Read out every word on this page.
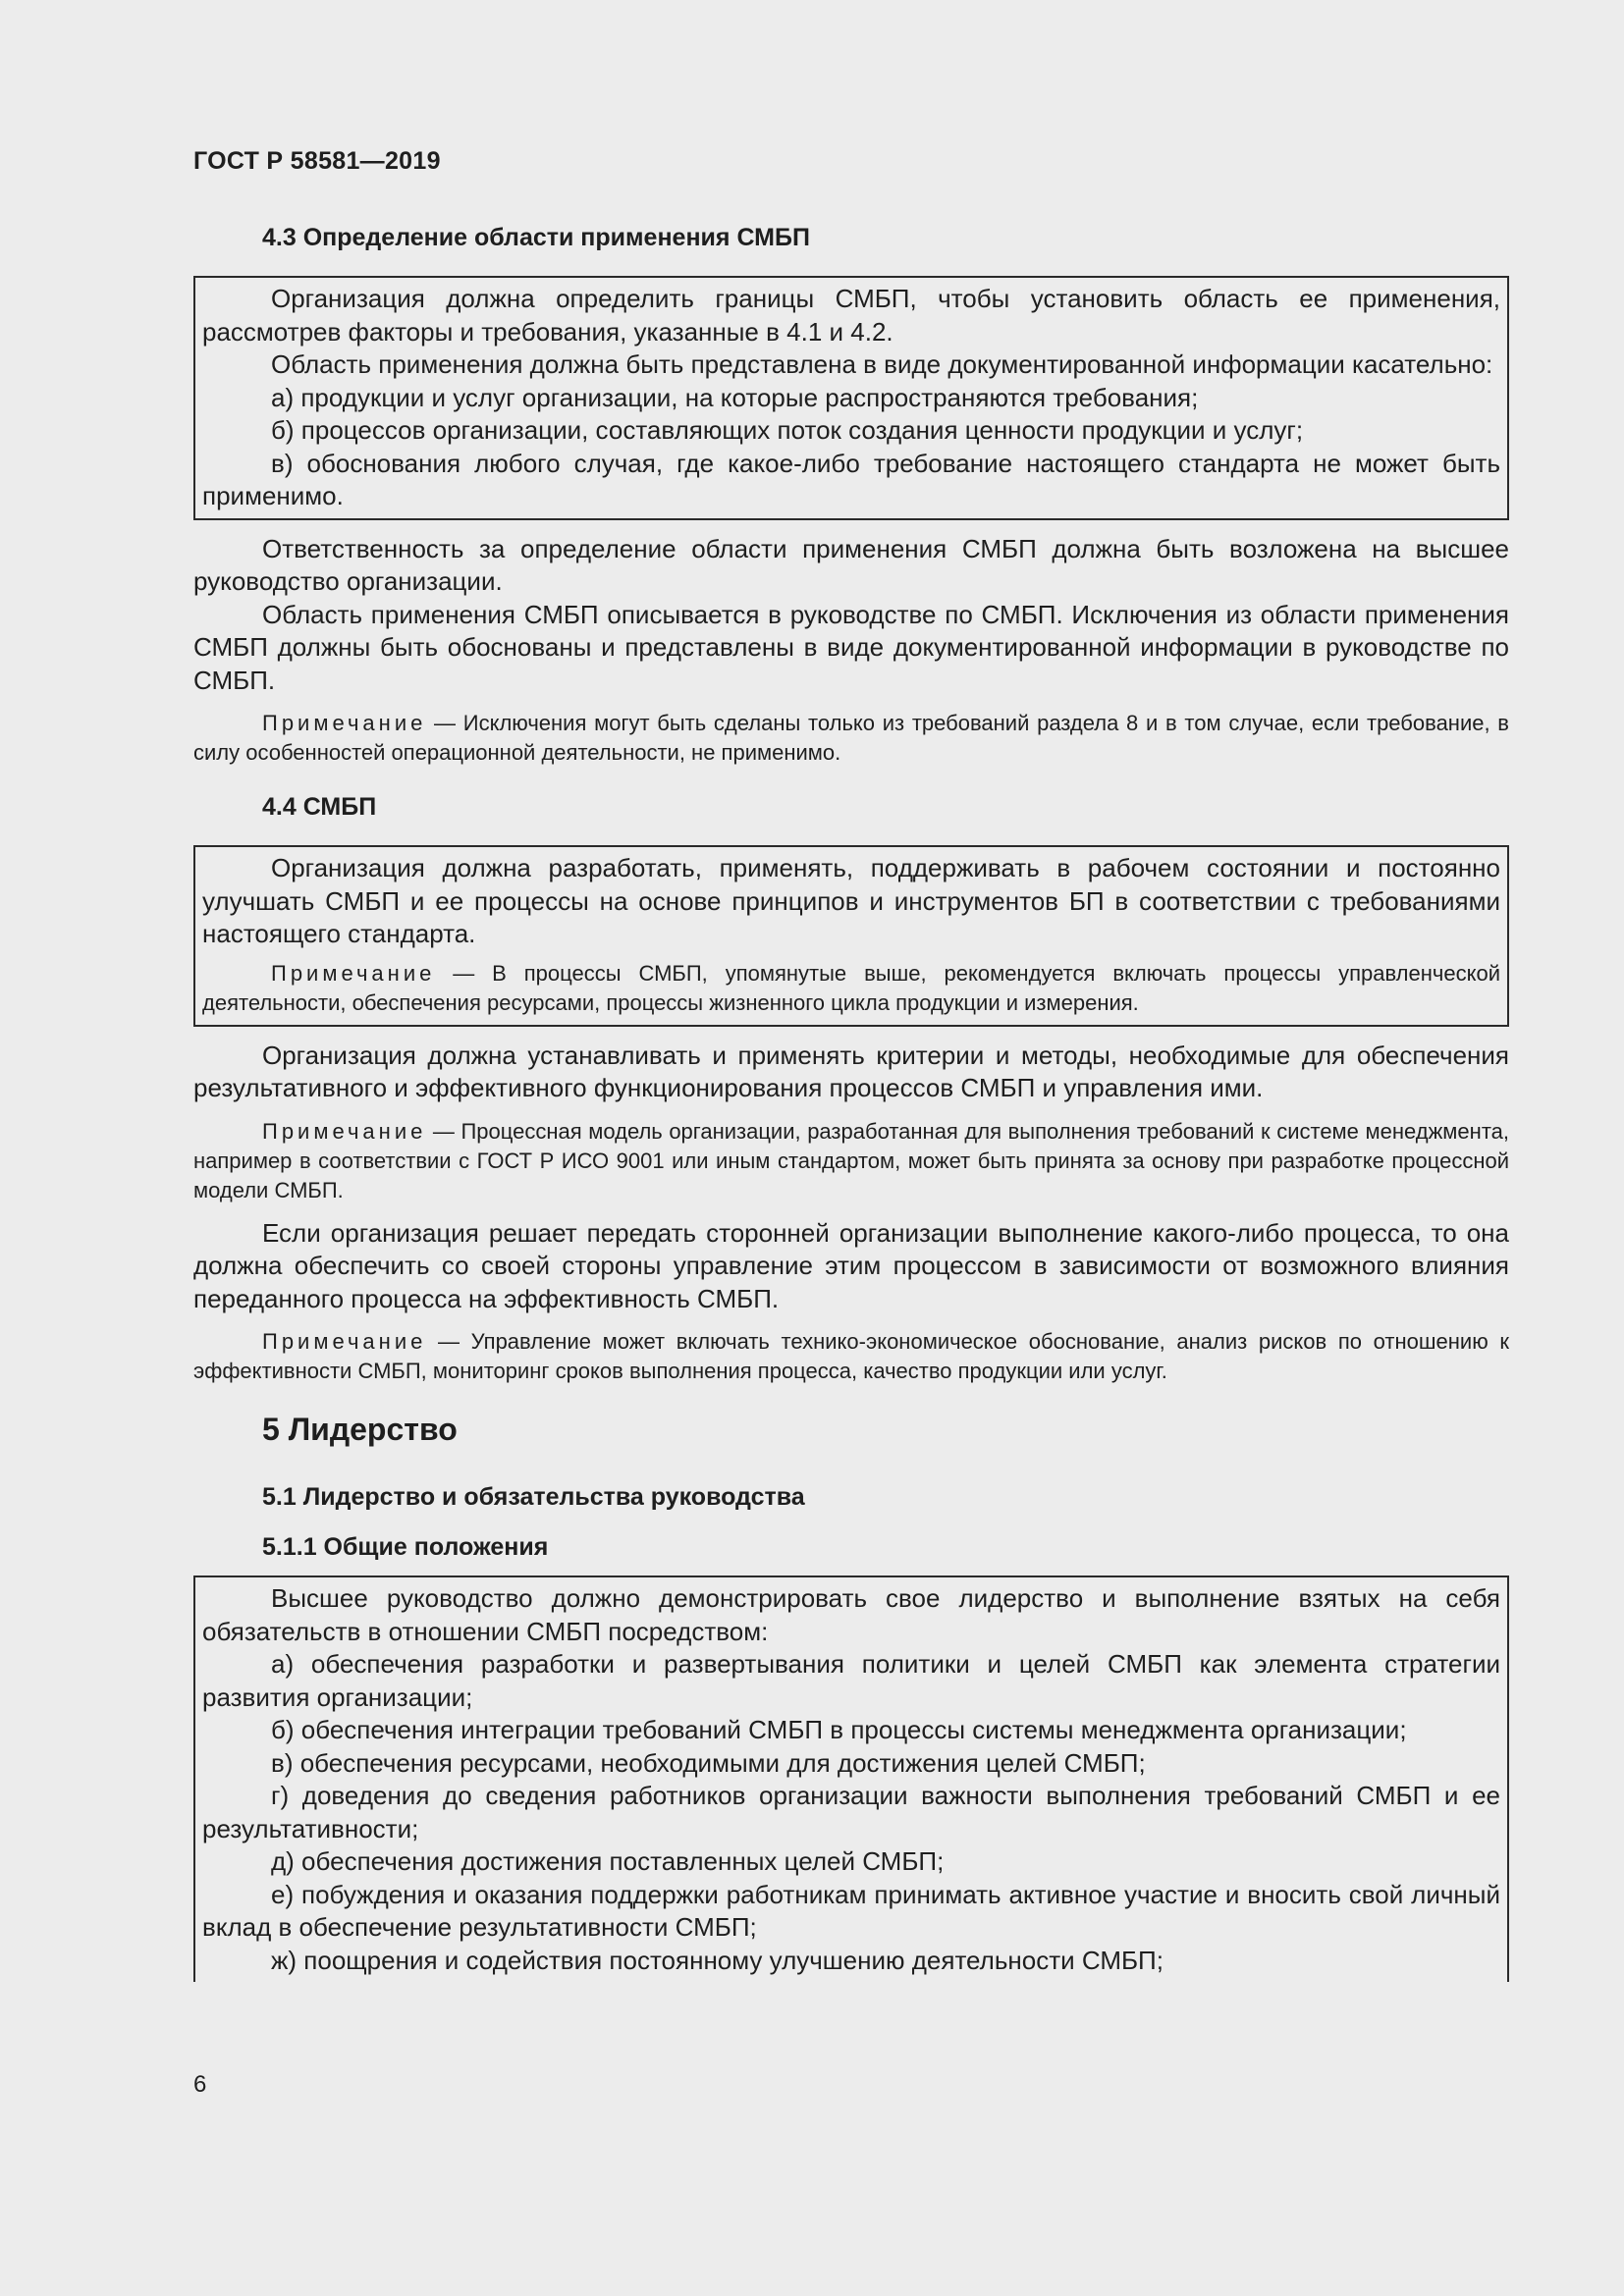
ГОСТ Р 58581—2019
4.3 Определение области применения СМБП

Организация должна определить границы СМБП, чтобы установить область ее применения, рассмотрев факторы и требования, указанные в 4.1 и 4.2.

Область применения должна быть представлена в виде документированной информации касательно:

а) продукции и услуг организации, на которые распространяются требования;

б) процессов организации, составляющих поток создания ценности продукции и услуг;

в) обоснования любого случая, где какое-либо требование настоящего стандарта не может быть применимо.

Ответственность за определение области применения СМБП должна быть возложена на высшее руководство организации.

Область применения СМБП описывается в руководстве по СМБП. Исключения из области применения СМБП должны быть обоснованы и представлены в виде документированной информации в руководстве по СМБП.

Примечание — Исключения могут быть сделаны только из требований раздела 8 и в том случае, если требование, в силу особенностей операционной деятельности, не применимо.
4.4 СМБП

Организация должна разработать, применять, поддерживать в рабочем состоянии и постоянно улучшать СМБП и ее процессы на основе принципов и инструментов БП в соответствии с требованиями настоящего стандарта.

Примечание — В процессы СМБП, упомянутые выше, рекомендуется включать процессы управленческой деятельности, обеспечения ресурсами, процессы жизненного цикла продукции и измерения.

Организация должна устанавливать и применять критерии и методы, необходимые для обеспечения результативного и эффективного функционирования процессов СМБП и управления ими.

Примечание — Процессная модель организации, разработанная для выполнения требований к системе менеджмента, например в соответствии с ГОСТ Р ИСО 9001 или иным стандартом, может быть принята за основу при разработке процессной модели СМБП.

Если организация решает передать сторонней организации выполнение какого-либо процесса, то она должна обеспечить со своей стороны управление этим процессом в зависимости от возможного влияния переданного процесса на эффективность СМБП.

Примечание — Управление может включать технико-экономическое обоснование, анализ рисков по отношению к эффективности СМБП, мониторинг сроков выполнения процесса, качество продукции или услуг.
5 Лидерство
5.1 Лидерство и обязательства руководства
5.1.1 Общие положения

Высшее руководство должно демонстрировать свое лидерство и выполнение взятых на себя обязательств в отношении СМБП посредством:

а) обеспечения разработки и развертывания политики и целей СМБП как элемента стратегии развития организации;

б) обеспечения интеграции требований СМБП в процессы системы менеджмента организации;

в) обеспечения ресурсами, необходимыми для достижения целей СМБП;

г) доведения до сведения работников организации важности выполнения требований СМБП и ее результативности;

д) обеспечения достижения поставленных целей СМБП;

е) побуждения и оказания поддержки работникам принимать активное участие и вносить свой личный вклад в обеспечение результативности СМБП;

ж) поощрения и содействия постоянному улучшению деятельности СМБП;

6
